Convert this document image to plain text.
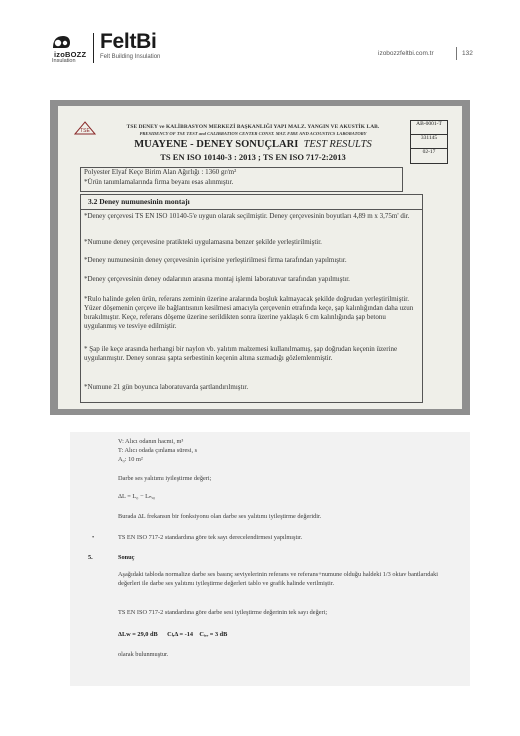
izoBOZZ
Insulation
FeltBi
Felt Building Insulation	izobozzfeltbi.com.tr	132
TSE
TSE DENEY ve KALİBRASYON MERKEZİ BAŞKANLIĞI YAPI MALZ. YANGIN VE AKUSTİK LAB.
PRESIDENCY OF TSE TEST and CALIBRATION CENTER CONST. MAT. FIRE AND ACOUSTICS LABORATORY
MUAYENE - DENEY SONUÇLARI TEST RESULTS
TS EN ISO 10140-3 : 2013 ; TS EN ISO 717-2:2013
AB-0001-T
331145
02-17
Polyester Elyaf Keçe Birim Alan Ağırlığı : 1360 gr/m²
*Ürün tanımlamalarında firma beyanı esas alınmıştır.
3.2 Deney numunesinin montajı
*Deney çerçevesi TS EN ISO 10140-5'e uygun olarak seçilmiştir. Deney çerçevesinin boyutları 4,89 m x 3,75m' dir.
*Numune deney çerçevesine pratikteki uygulamasına benzer şekilde yerleştirilmiştir.
*Deney numunesinin deney çerçevesinin içerisine yerleştirilmesi firma tarafından yapılmıştır.
*Deney çerçevesinin deney odalarının arasına montaj işlemi laboratuvar tarafından yapılmıştır.
*Rulo halinde gelen ürün, referans zeminin üzerine aralarında boşluk kalmayacak şekilde doğrudan yerleştirilmiştir. Yüzer döşemenin çerçeve ile bağlantısının kesilmesi amacıyla çerçevenin etrafında keçe, şap kalınlığından daha uzun bırakılmıştır. Keçe, referans döşeme üzerine serildikten sonra üzerine yaklaşık 6 cm kalınlığında şap betonu uygulanmış ve tesviye edilmiştir.
* Şap ile keçe arasında herhangi bir naylon vb. yalıtım malzemesi kullanılmamış, şap doğrudan keçenin üzerine uygulanmıştır. Deney sonrası şapta serbestinin keçenin altına sızmadığı gözlemlenmiştir.
*Numune 21 gün boyunca laboratuvarda şartlandırılmıştır.
V: Alıcı odanın hacmi, m³
T: Alıcı odada çınlama süresi, s
A₀: 10 m²
Darbe ses yalıtımı iyileştirme değeri;
ΔL = L₀ − Lₙ,₀
Burada ΔL frekansın bir fonksiyonu olan darbe ses yalıtımı iyileştirme değeridir.
•	TS EN ISO 717-2 standardına göre tek sayı derecelendirmesi yapılmıştır.
5.	Sonuç
Aşağıdaki tabloda normalize darbe ses basınç seviyelerinin referans ve referans+numune olduğu haldeki 1/3 oktav bantlarıdaki değerleri ile darbe ses yalıtımı iyileştirme değerleri tablo ve grafik halinde verilmiştir.
TS EN ISO 717-2 standardına göre darbe sesi iyileştirme değerinin tek sayı değeri;
ΔLw = 29,0 dB      Cₗ,Δ = -14    Cᵢ,ᵣ = 3 dB
olarak bulunmuştur.
